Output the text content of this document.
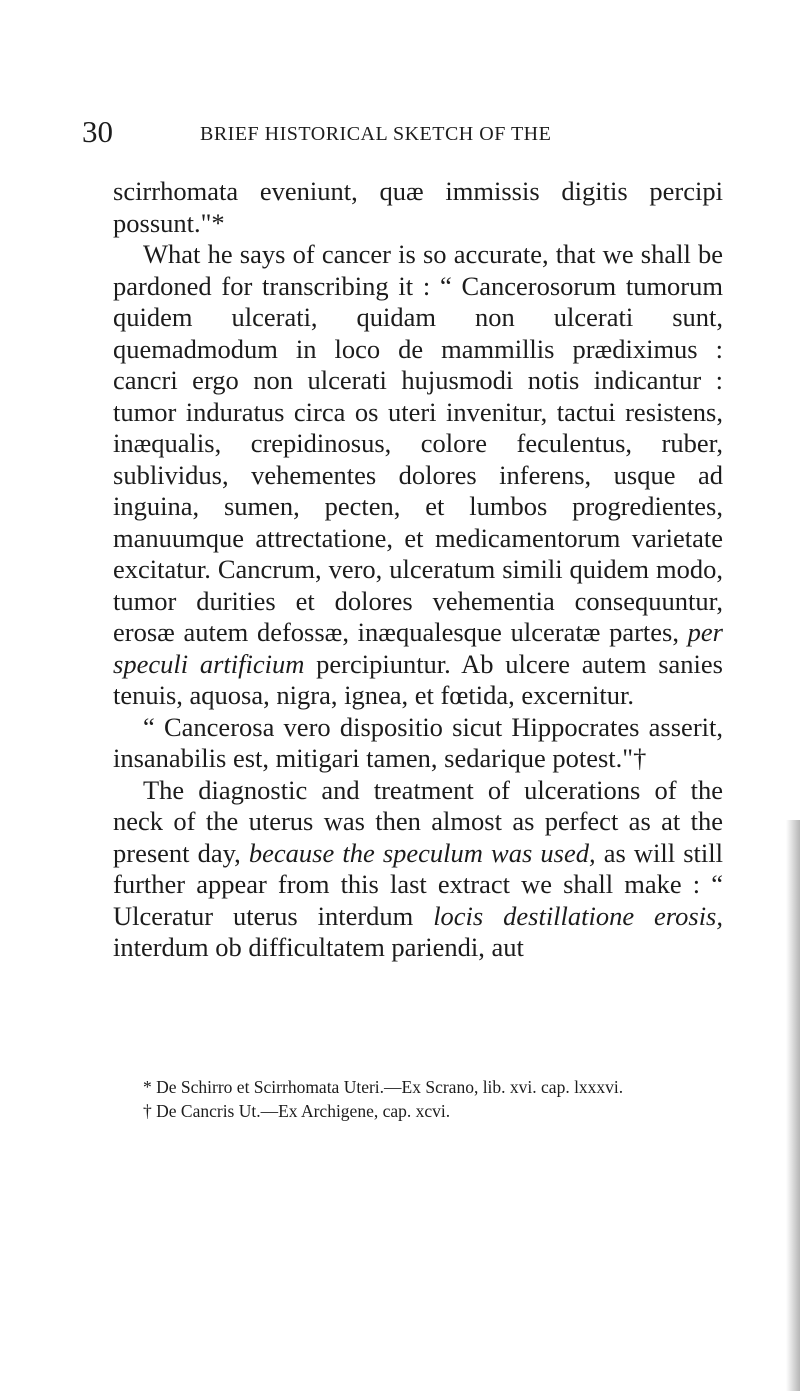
30	BRIEF HISTORICAL SKETCH OF THE

scirrhomata eveniunt, quæ immissis digitis percipi possunt."*

What he says of cancer is so accurate, that we shall be pardoned for transcribing it : “ Cancerosorum tumorum quidem ulcerati, quidam non ulcerati sunt, quemadmodum in loco de mammillis prædiximus : cancri ergo non ulcerati hujusmodi notis indicantur : tumor induratus circa os uteri invenitur, tactui resistens, inæqualis, crepidinosus, colore feculentus, ruber, sublividus, vehementes dolores inferens, usque ad inguina, sumen, pecten, et lumbos progredientes, manuumque attrectatione, et medicamentorum varietate excitatur. Cancrum, vero, ulceratum simili quidem modo, tumor durities et dolores vehementia consequuntur, erosæ autem defossæ, inæqualesque ulceratæ partes, per speculi artificium percipiuntur. Ab ulcere autem sanies tenuis, aquosa, nigra, ignea, et fœtida, excernitur.

“ Cancerosa vero dispositio sicut Hippocrates asserit, insanabilis est, mitigari tamen, sedarique potest."†

The diagnostic and treatment of ulcerations of the neck of the uterus was then almost as perfect as at the present day, because the speculum was used, as will still further appear from this last extract we shall make : “ Ulceratur uterus interdum locis destillatione erosis, interdum ob difficultatem pariendi, aut

* De Schirro et Scirrhomata Uteri.—Ex Scrano, lib. xvi. cap. lxxxvi.

† De Cancris Ut.—Ex Archigene, cap. xcvi.
